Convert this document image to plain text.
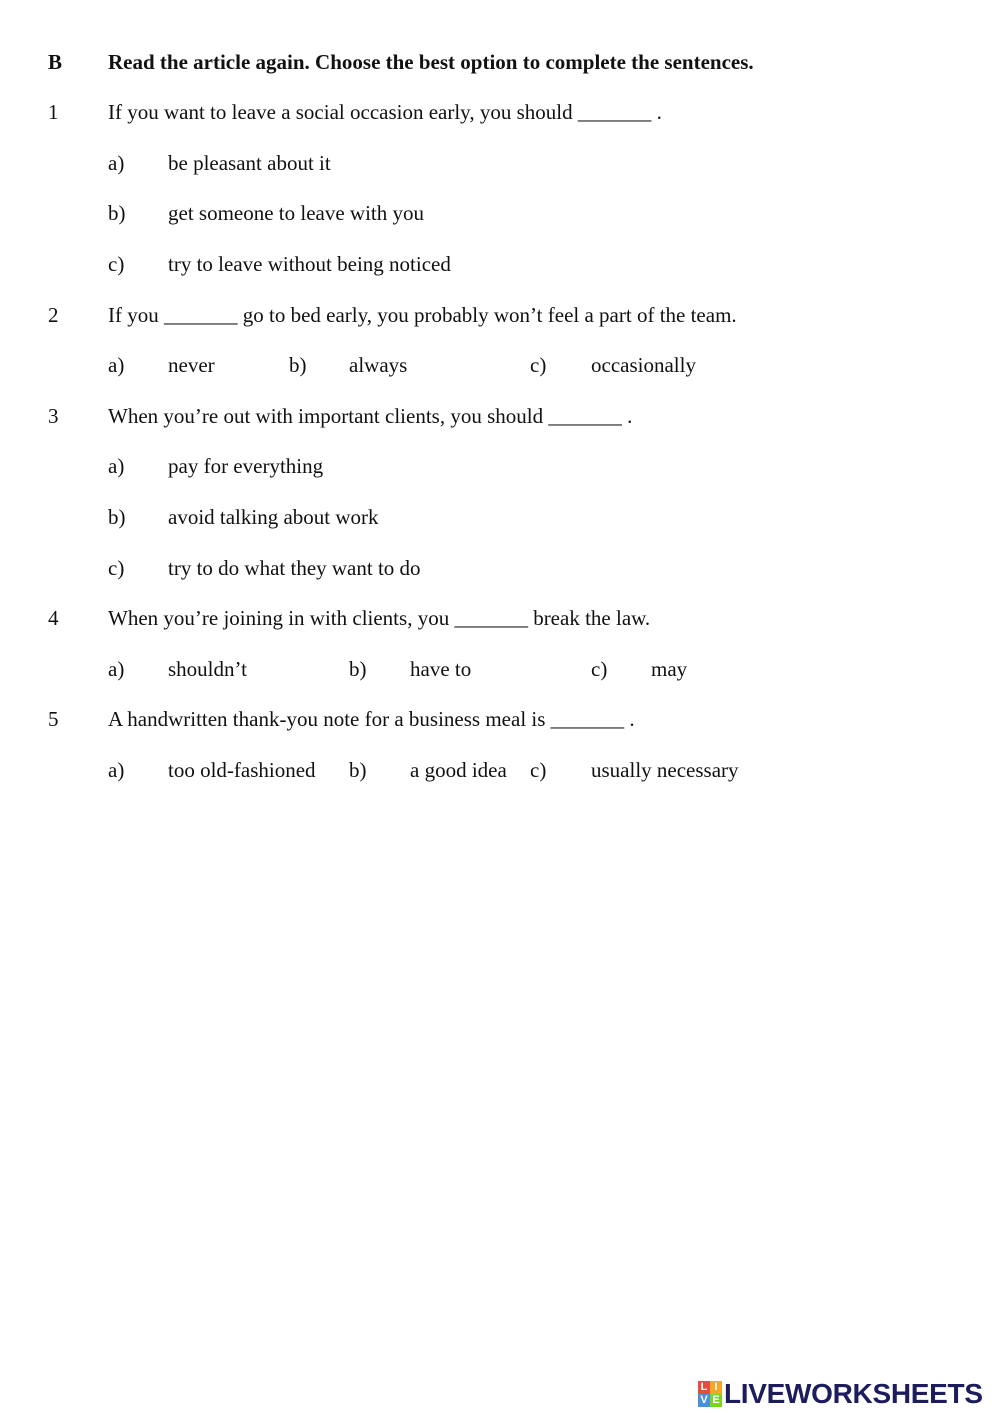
B Read the article again. Choose the best option to complete the sentences.
1 If you want to leave a social occasion early, you should _______ .
a) be pleasant about it
b) get someone to leave with you
c) try to leave without being noticed
2 If you _______ go to bed early, you probably won’t feel a part of the team.
a) never	b) always	c) occasionally
3 When you’re out with important clients, you should _______ .
a) pay for everything
b) avoid talking about work
c) try to do what they want to do
4 When you’re joining in with clients, you _______ break the law.
a) shouldn’t	b) have to	c) may
5 A handwritten thank-you note for a business meal is _______ .
a) too old-fashioned b) a good idea c) usually necessary
L I
V E LIVEWORKSHEETS
